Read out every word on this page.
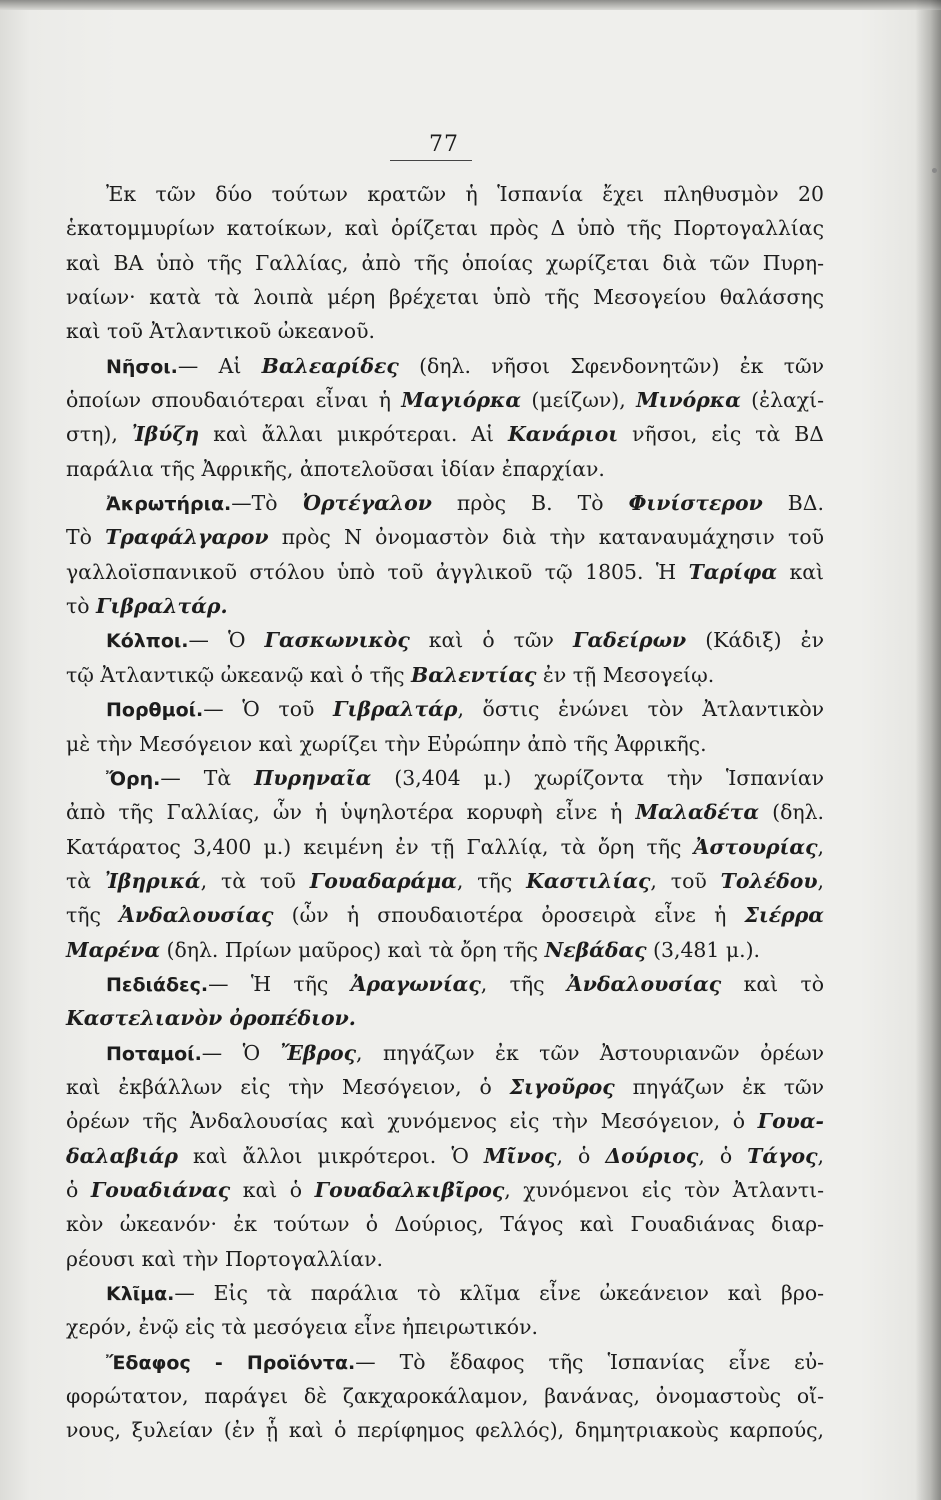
77
Ἐκ τῶν δύο τούτων κρατῶν ἡ Ἱσπανία ἔχει πληθυσμὸν 20
ἑκατομμυρίων κατοίκων, καὶ ὁρίζεται πρὸς Δ ὑπὸ τῆς Πορτογαλλίας
καὶ ΒΑ ὑπὸ τῆς Γαλλίας, ἀπὸ τῆς ὁποίας χωρίζεται διὰ τῶν Πυρη-
ναίων· κατὰ τὰ λοιπὰ μέρη βρέχεται ὑπὸ τῆς Μεσογείου θαλάσσης
καὶ τοῦ Ἀτλαντικοῦ ὠκεανοῦ.
Νῆσοι.— Αἱ Βαλεαρίδες (δηλ. νῆσοι Σφενδονητῶν) ἐκ τῶν
ὁποίων σπουδαιότεραι εἶναι ἡ Μαγιόρκα (μείζων), Μινόρκα (ἐλαχί-
στη), Ἰβύζη καὶ ἄλλαι μικρότεραι. Αἱ Κανάριοι νῆσοι, εἰς τὰ ΒΔ
παράλια τῆς Ἀφρικῆς, ἀποτελοῦσαι ἰδίαν ἐπαρχίαν.
Ἀκρωτήρια.—Τὸ Ὀρτέγαλον πρὸς Β. Τὸ Φινίστερον ΒΔ.
Τὸ Τραφάλγαρον πρὸς Ν ὀνομαστὸν διὰ τὴν καταναυμάχησιν τοῦ
γαλλοϊσπανικοῦ στόλου ὑπὸ τοῦ ἀγγλικοῦ τῷ 1805. Ἡ Ταρίφα καὶ
τὸ Γιβραλτάρ.
Κόλποι.— Ὁ Γασκωνικὸς καὶ ὁ τῶν Γαδείρων (Κάδιξ) ἐν
τῷ Ἀτλαντικῷ ὠκεανῷ καὶ ὁ τῆς Βαλεντίας ἐν τῇ Μεσογείῳ.
Πορθμοί.— Ὁ τοῦ Γιβραλτάρ, ὅστις ἑνώνει τὸν Ἀτλαντικὸν
μὲ τὴν Μεσόγειον καὶ χωρίζει τὴν Εὐρώπην ἀπὸ τῆς Ἀφρικῆς.
Ὄρη.— Τὰ Πυρηναῖα (3,404 μ.) χωρίζοντα τὴν Ἱσπανίαν
ἀπὸ τῆς Γαλλίας, ὧν ἡ ὑψηλοτέρα κορυφὴ εἶνε ἡ Μαλαδέτα (δηλ.
Κατάρατος 3,400 μ.) κειμένη ἐν τῇ Γαλλίᾳ, τὰ ὄρη τῆς Ἀστουρίας,
τὰ Ἰβηρικά, τὰ τοῦ Γουαδαράμα, τῆς Καστιλίας, τοῦ Τολέδου,
τῆς Ἀνδαλουσίας (ὧν ἡ σπουδαιοτέρα ὀροσειρὰ εἶνε ἡ Σιέρρα
Μαρένα (δηλ. Πρίων μαῦρος) καὶ τὰ ὄρη τῆς Νεβάδας (3,481 μ.).
Πεδιάδες.— Ἡ τῆς Ἀραγωνίας, τῆς Ἀνδαλουσίας καὶ τὸ
Καστελιανὸν ὀροπέδιον.
Ποταμοί.— Ὁ Ἔβρος, πηγάζων ἐκ τῶν Ἀστουριανῶν ὀρέων
καὶ ἐκβάλλων εἰς τὴν Μεσόγειον, ὁ Σιγοῦρος πηγάζων ἐκ τῶν
ὀρέων τῆς Ἀνδαλουσίας καὶ χυνόμενος εἰς τὴν Μεσόγειον, ὁ Γουα-
δαλαβιάρ καὶ ἄλλοι μικρότεροι. Ὁ Μῖνος, ὁ Δούριος, ὁ Τάγος,
ὁ Γουαδιάνας καὶ ὁ Γουαδαλκιβῖρος, χυνόμενοι εἰς τὸν Ἀτλαντι-
κὸν ὠκεανόν· ἐκ τούτων ὁ Δούριος, Τάγος καὶ Γουαδιάνας διαρ-
ρέουσι καὶ τὴν Πορτογαλλίαν.
Κλῖμα.— Εἰς τὰ παράλια τὸ κλῖμα εἶνε ὠκεάνειον καὶ βρο-
χερόν, ἐνῷ εἰς τὰ μεσόγεια εἶνε ἠπειρωτικόν.
Ἔδαφος - Προϊόντα.— Τὸ ἔδαφος τῆς Ἱσπανίας εἶνε εὐ-
φορώτατον, παράγει δὲ ζακχαροκάλαμον, βανάνας, ὀνομαστοὺς οἴ-
νους, ξυλείαν (ἐν ᾗ καὶ ὁ περίφημος φελλός), δημητριακοὺς καρπούς,
